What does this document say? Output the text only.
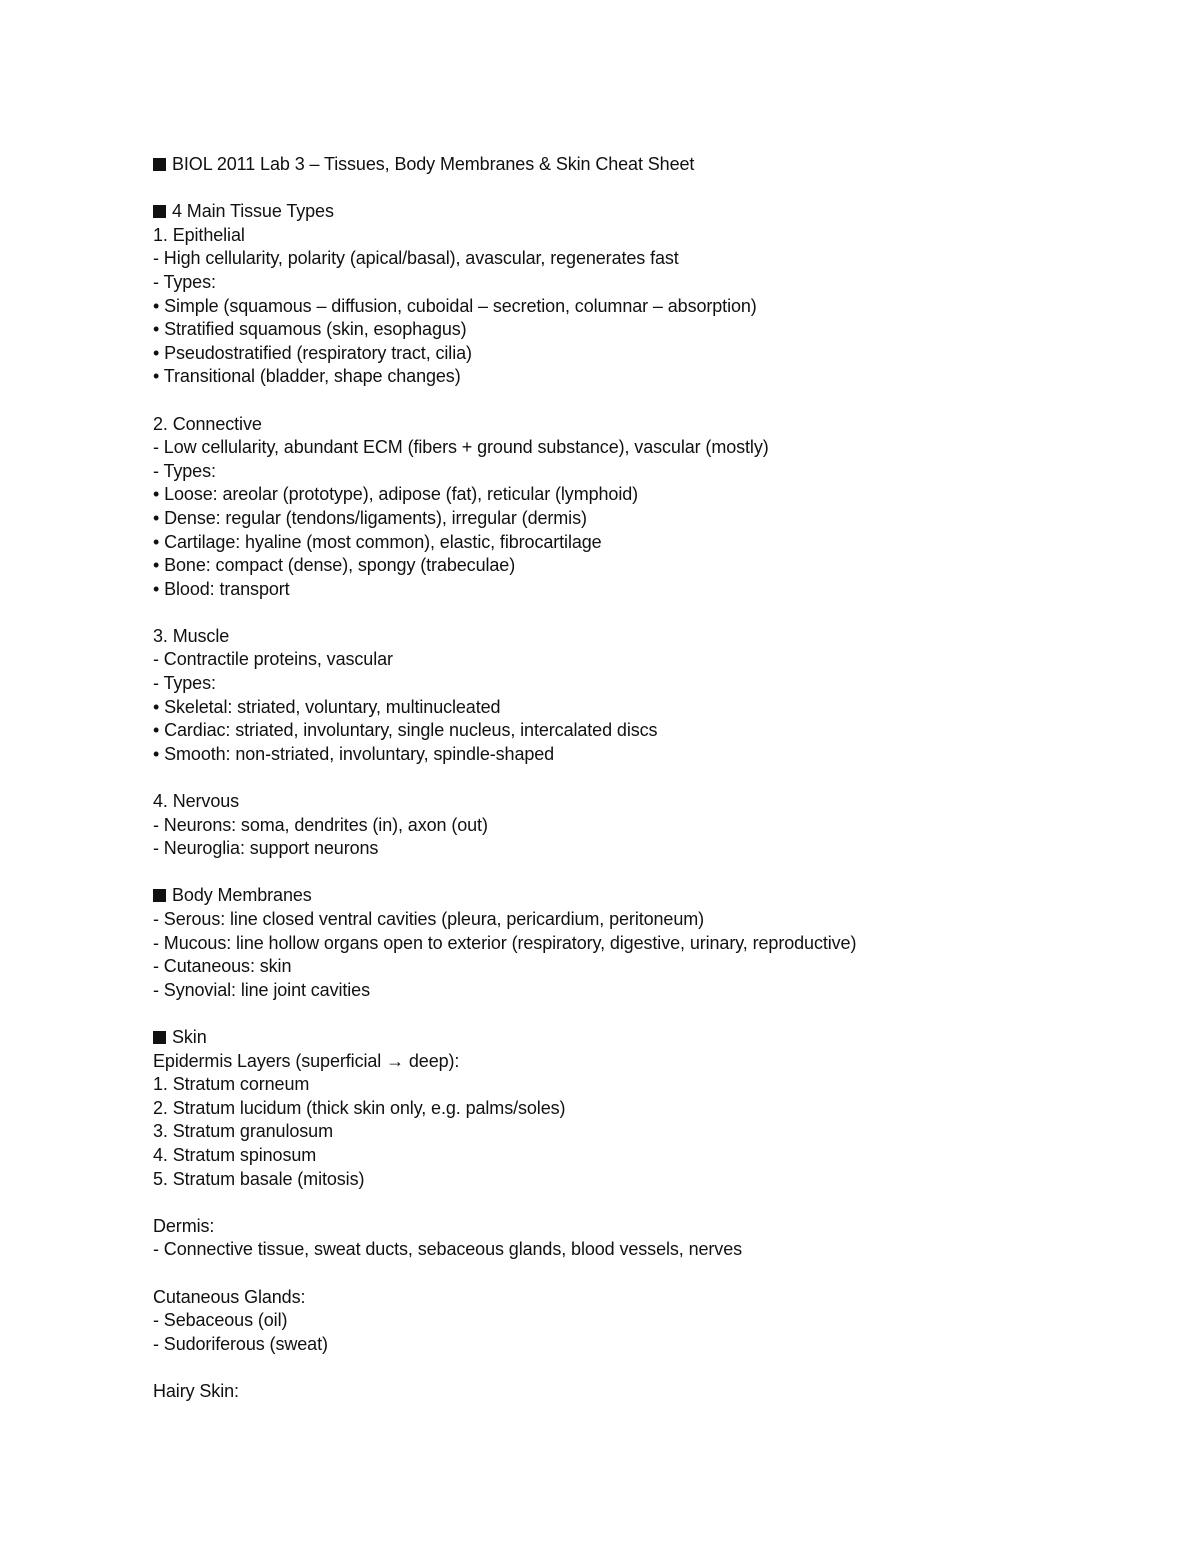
BIOL 2011 Lab 3 – Tissues, Body Membranes & Skin Cheat Sheet
4 Main Tissue Types
1. Epithelial
- High cellularity, polarity (apical/basal), avascular, regenerates fast
- Types:
• Simple (squamous – diffusion, cuboidal – secretion, columnar – absorption)
• Stratified squamous (skin, esophagus)
• Pseudostratified (respiratory tract, cilia)
• Transitional (bladder, shape changes)
2. Connective
- Low cellularity, abundant ECM (fibers + ground substance), vascular (mostly)
- Types:
• Loose: areolar (prototype), adipose (fat), reticular (lymphoid)
• Dense: regular (tendons/ligaments), irregular (dermis)
• Cartilage: hyaline (most common), elastic, fibrocartilage
• Bone: compact (dense), spongy (trabeculae)
• Blood: transport
3. Muscle
- Contractile proteins, vascular
- Types:
• Skeletal: striated, voluntary, multinucleated
• Cardiac: striated, involuntary, single nucleus, intercalated discs
• Smooth: non-striated, involuntary, spindle-shaped
4. Nervous
- Neurons: soma, dendrites (in), axon (out)
- Neuroglia: support neurons
Body Membranes
- Serous: line closed ventral cavities (pleura, pericardium, peritoneum)
- Mucous: line hollow organs open to exterior (respiratory, digestive, urinary, reproductive)
- Cutaneous: skin
- Synovial: line joint cavities
Skin
Epidermis Layers (superficial → deep):
1. Stratum corneum
2. Stratum lucidum (thick skin only, e.g. palms/soles)
3. Stratum granulosum
4. Stratum spinosum
5. Stratum basale (mitosis)
Dermis:
- Connective tissue, sweat ducts, sebaceous glands, blood vessels, nerves
Cutaneous Glands:
- Sebaceous (oil)
- Sudoriferous (sweat)
Hairy Skin:
